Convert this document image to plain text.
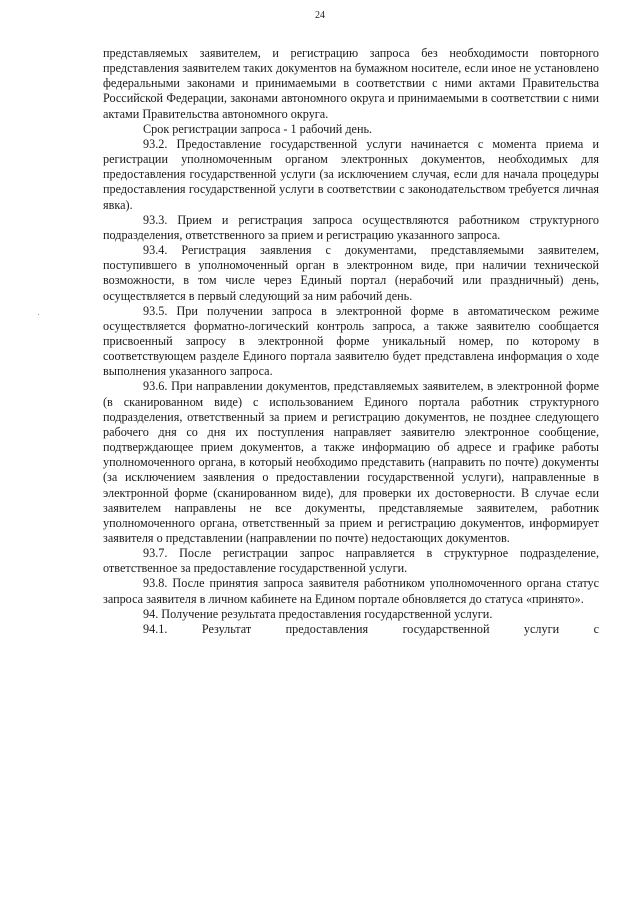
24

представляемых заявителем, и регистрацию запроса без необходимости повторного представления заявителем таких документов на бумажном носителе, если иное не установлено федеральными законами и принимаемыми в соответствии с ними актами Правительства Российской Федерации, законами автономного округа и принимаемыми в соответствии с ними актами Правительства автономного округа.

Срок регистрации запроса - 1 рабочий день.

93.2. Предоставление государственной услуги начинается с момента приема и регистрации уполномоченным органом электронных документов, необходимых для предоставления государственной услуги (за исключением случая, если для начала процедуры предоставления государственной услуги в соответствии с законодательством требуется личная явка).

93.3. Прием и регистрация запроса осуществляются работником структурного подразделения, ответственного за прием и регистрацию указанного запроса.

93.4. Регистрация заявления с документами, представляемыми заявителем, поступившего в уполномоченный орган в электронном виде, при наличии технической возможности, в том числе через Единый портал (нерабочий или праздничный) день, осуществляется в первый следующий за ним рабочий день.

93.5. При получении запроса в электронной форме в автоматическом режиме осуществляется форматно-логический контроль запроса, а также заявителю сообщается присвоенный запросу в электронной форме уникальный номер, по которому в соответствующем разделе Единого портала заявителю будет представлена информация о ходе выполнения указанного запроса.

93.6. При направлении документов, представляемых заявителем, в электронной форме (в сканированном виде) с использованием Единого портала работник структурного подразделения, ответственный за прием и регистрацию документов, не позднее следующего рабочего дня со дня их поступления направляет заявителю электронное сообщение, подтверждающее прием документов, а также информацию об адресе и графике работы уполномоченного органа, в который необходимо представить (направить по почте) документы (за исключением заявления о предоставлении государственной услуги), направленные в электронной форме (сканированном виде), для проверки их достоверности. В случае если заявителем направлены не все документы, представляемые заявителем, работник уполномоченного органа, ответственный за прием и регистрацию документов, информирует заявителя о представлении (направлении по почте) недостающих документов.

93.7. После регистрации запрос направляется в структурное подразделение, ответственное за предоставление государственной услуги.

93.8. После принятия запроса заявителя работником уполномоченного органа статус запроса заявителя в личном кабинете на Едином портале обновляется до статуса «принято».

94. Получение результата предоставления государственной услуги.

94.1. Результат предоставления государственной услуги с
